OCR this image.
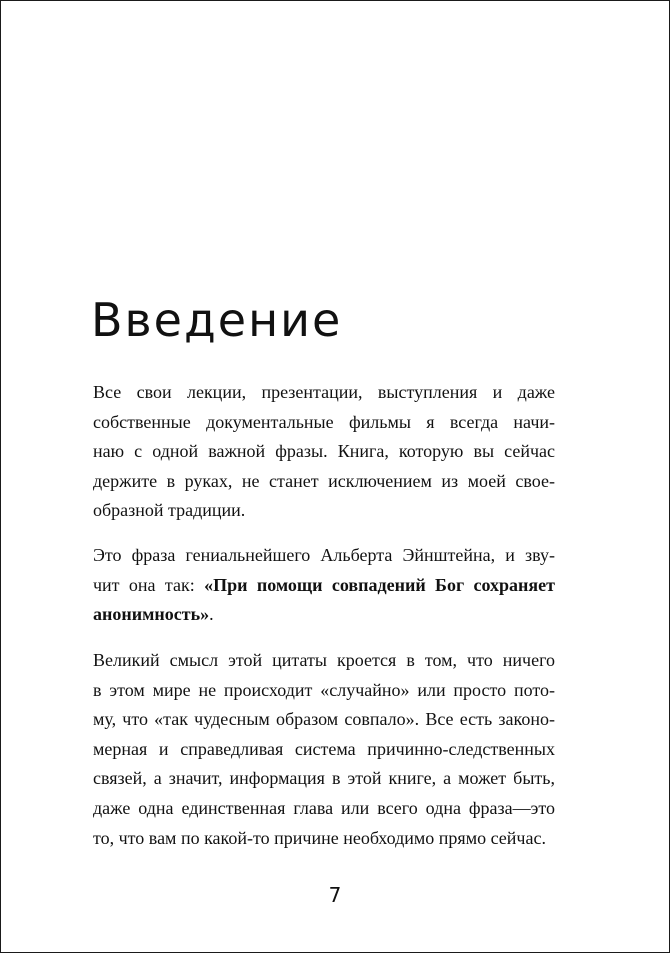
Введение

Все свои лекции, презентации, выступления и даже
собственные документальные фильмы я всегда начи-
наю с одной важной фразы. Книга, которую вы сейчас
держите в руках, не станет исключением из моей свое-
образной традиции.

Это фраза гениальнейшего Альберта Эйнштейна, и зву-
чит она так: «При помощи совпадений Бог сохраняет
анонимность».

Великий смысл этой цитаты кроется в том, что ничего
в этом мире не происходит «случайно» или просто пото-
му, что «так чудесным образом совпало». Все есть законо-
мерная и справедливая система причинно-следственных
связей, а значит, информация в этой книге, а может быть,
даже одна единственная глава или всего одна фраза—это
то, что вам по какой-то причине необходимо прямо сейчас.

7
